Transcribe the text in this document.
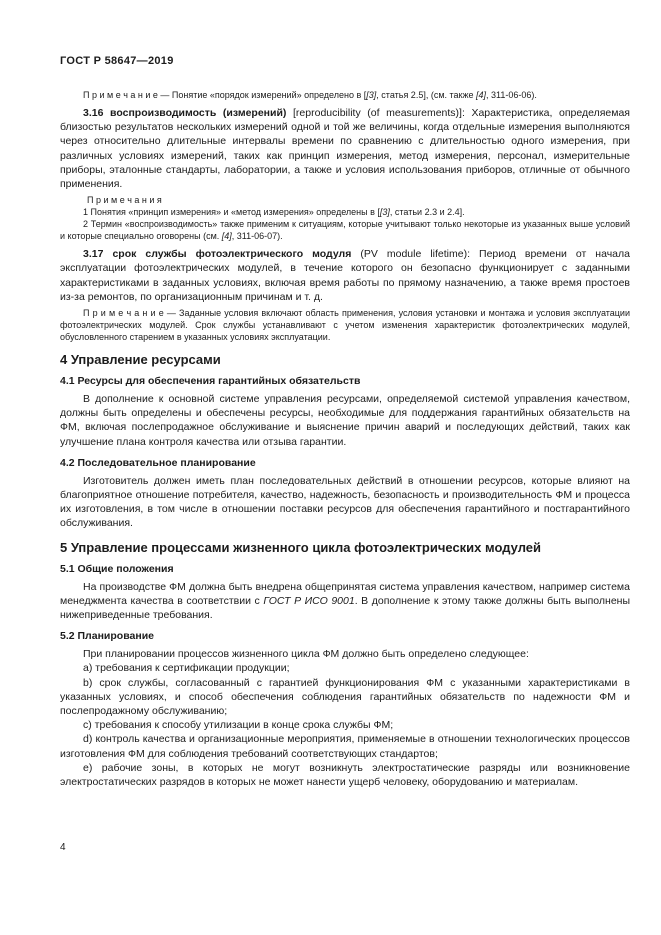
ГОСТ Р 58647—2019

П р и м е ч а н и е — Понятие «порядок измерений» определено в [[3], статья 2.5], (см. также [4], 311-06-06).

3.16 воспроизводимость (измерений) [reproducibility (of measurements)]: Характеристика, определяемая близостью результатов нескольких измерений одной и той же величины, когда отдельные измерения выполняются через относительно длительные интервалы времени по сравнению с длительностью одного измерения, при различных условиях измерений, таких как принцип измерения, метод измерения, персонал, измерительные приборы, эталонные стандарты, лаборатории, а также и условия использования приборов, отличные от обычного применения.

П р и м е ч а н и я

1 Понятия «принцип измерения» и «метод измерения» определены в [[3], статьи 2.3 и 2.4].

2 Термин «воспроизводимость» также применим к ситуациям, которые учитывают только некоторые из указанных выше условий и которые специально оговорены (см. [4], 311-06-07).

3.17 срок службы фотоэлектрического модуля (PV module lifetime): Период времени от начала эксплуатации фотоэлектрических модулей, в течение которого он безопасно функционирует с заданными характеристиками в заданных условиях, включая время работы по прямому назначению, а также время простоев из-за ремонтов, по организационным причинам и т. д.

П р и м е ч а н и е — Заданные условия включают область применения, условия установки и монтажа и условия эксплуатации фотоэлектрических модулей. Срок службы устанавливают с учетом изменения характеристик фотоэлектрических модулей, обусловленного старением в указанных условиях эксплуатации.

4 Управление ресурсами
4.1 Ресурсы для обеспечения гарантийных обязательств

В дополнение к основной системе управления ресурсами, определяемой системой управления качеством, должны быть определены и обеспечены ресурсы, необходимые для поддержания гарантийных обязательств на ФМ, включая послепродажное обслуживание и выяснение причин аварий и последующих действий, таких как улучшение плана контроля качества или отзыва гарантии.

4.2 Последовательное планирование

Изготовитель должен иметь план последовательных действий в отношении ресурсов, которые влияют на благоприятное отношение потребителя, качество, надежность, безопасность и производительность ФМ и процесса их изготовления, в том числе в отношении поставки ресурсов для обеспечения гарантийного и постгарантийного обслуживания.

5 Управление процессами жизненного цикла фотоэлектрических модулей
5.1 Общие положения

На производстве ФМ должна быть внедрена общепринятая система управления качеством, например система менеджмента качества в соответствии с ГОСТ Р ИСО 9001. В дополнение к этому также должны быть выполнены нижеприведенные требования.

5.2 Планирование

При планировании процессов жизненного цикла ФМ должно быть определено следующее:

a) требования к сертификации продукции;

b) срок службы, согласованный с гарантией функционирования ФМ с указанными характеристиками в указанных условиях, и способ обеспечения соблюдения гарантийных обязательств по надежности ФМ и послепродажному обслуживанию;

c) требования к способу утилизации в конце срока службы ФМ;

d) контроль качества и организационные мероприятия, применяемые в отношении технологических процессов изготовления ФМ для соблюдения требований соответствующих стандартов;

e) рабочие зоны, в которых не могут возникнуть электростатические разряды или возникновение электростатических разрядов в которых не может нанести ущерб человеку, оборудованию и материалам.

4
